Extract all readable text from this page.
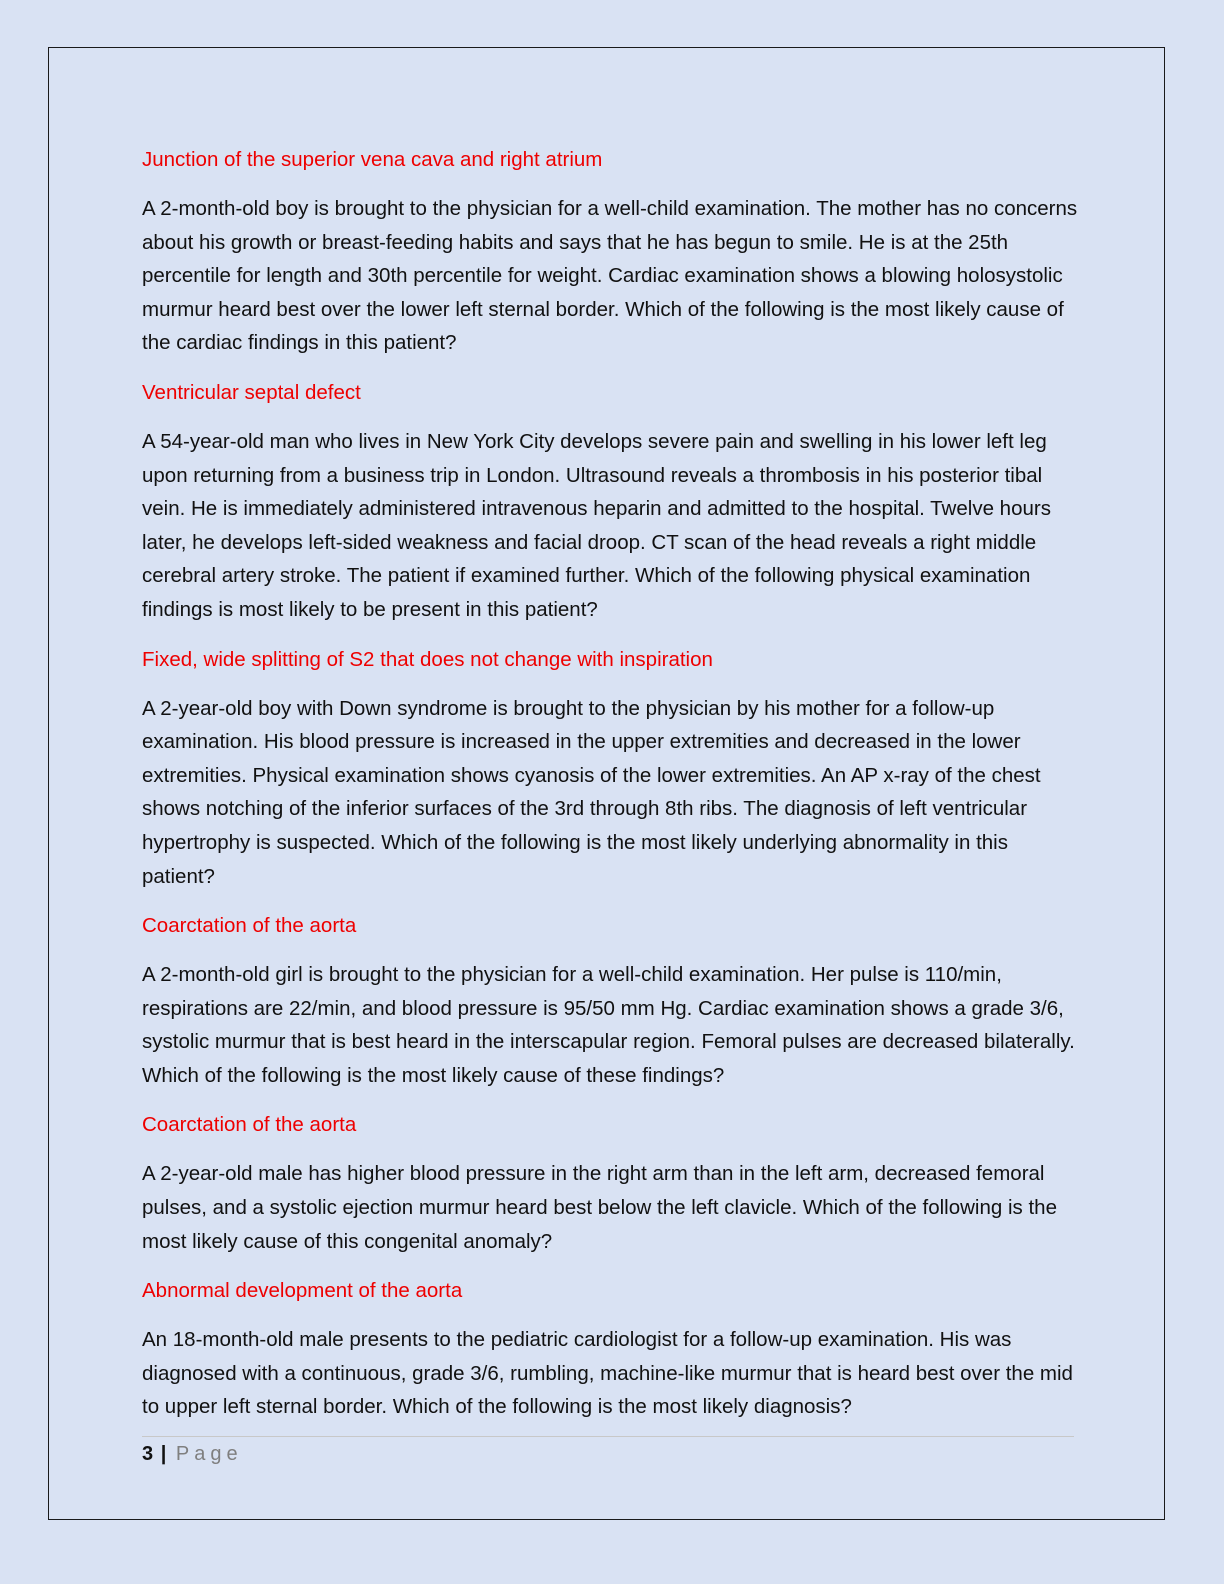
Junction of the superior vena cava and right atrium

A 2-month-old boy is brought to the physician for a well-child examination. The mother has no concerns about his growth or breast-feeding habits and says that he has begun to smile. He is at the 25th percentile for length and 30th percentile for weight. Cardiac examination shows a blowing holosystolic murmur heard best over the lower left sternal border. Which of the following is the most likely cause of the cardiac findings in this patient?

Ventricular septal defect

A 54-year-old man who lives in New York City develops severe pain and swelling in his lower left leg upon returning from a business trip in London. Ultrasound reveals a thrombosis in his posterior tibal vein. He is immediately administered intravenous heparin and admitted to the hospital. Twelve hours later, he develops left-sided weakness and facial droop. CT scan of the head reveals a right middle cerebral artery stroke. The patient if examined further. Which of the following physical examination findings is most likely to be present in this patient?

Fixed, wide splitting of S2 that does not change with inspiration

A 2-year-old boy with Down syndrome is brought to the physician by his mother for a follow-up examination. His blood pressure is increased in the upper extremities and decreased in the lower extremities. Physical examination shows cyanosis of the lower extremities. An AP x-ray of the chest shows notching of the inferior surfaces of the 3rd through 8th ribs. The diagnosis of left ventricular hypertrophy is suspected. Which of the following is the most likely underlying abnormality in this patient?

Coarctation of the aorta

A 2-month-old girl is brought to the physician for a well-child examination. Her pulse is 110/min, respirations are 22/min, and blood pressure is 95/50 mm Hg. Cardiac examination shows a grade 3/6, systolic murmur that is best heard in the interscapular region. Femoral pulses are decreased bilaterally. Which of the following is the most likely cause of these findings?

Coarctation of the aorta

A 2-year-old male has higher blood pressure in the right arm than in the left arm, decreased femoral pulses, and a systolic ejection murmur heard best below the left clavicle. Which of the following is the most likely cause of this congenital anomaly?

Abnormal development of the aorta

An 18-month-old male presents to the pediatric cardiologist for a follow-up examination. His was diagnosed with a continuous, grade 3/6, rumbling, machine-like murmur that is heard best over the mid to upper left sternal border. Which of the following is the most likely diagnosis?

3 | Page
